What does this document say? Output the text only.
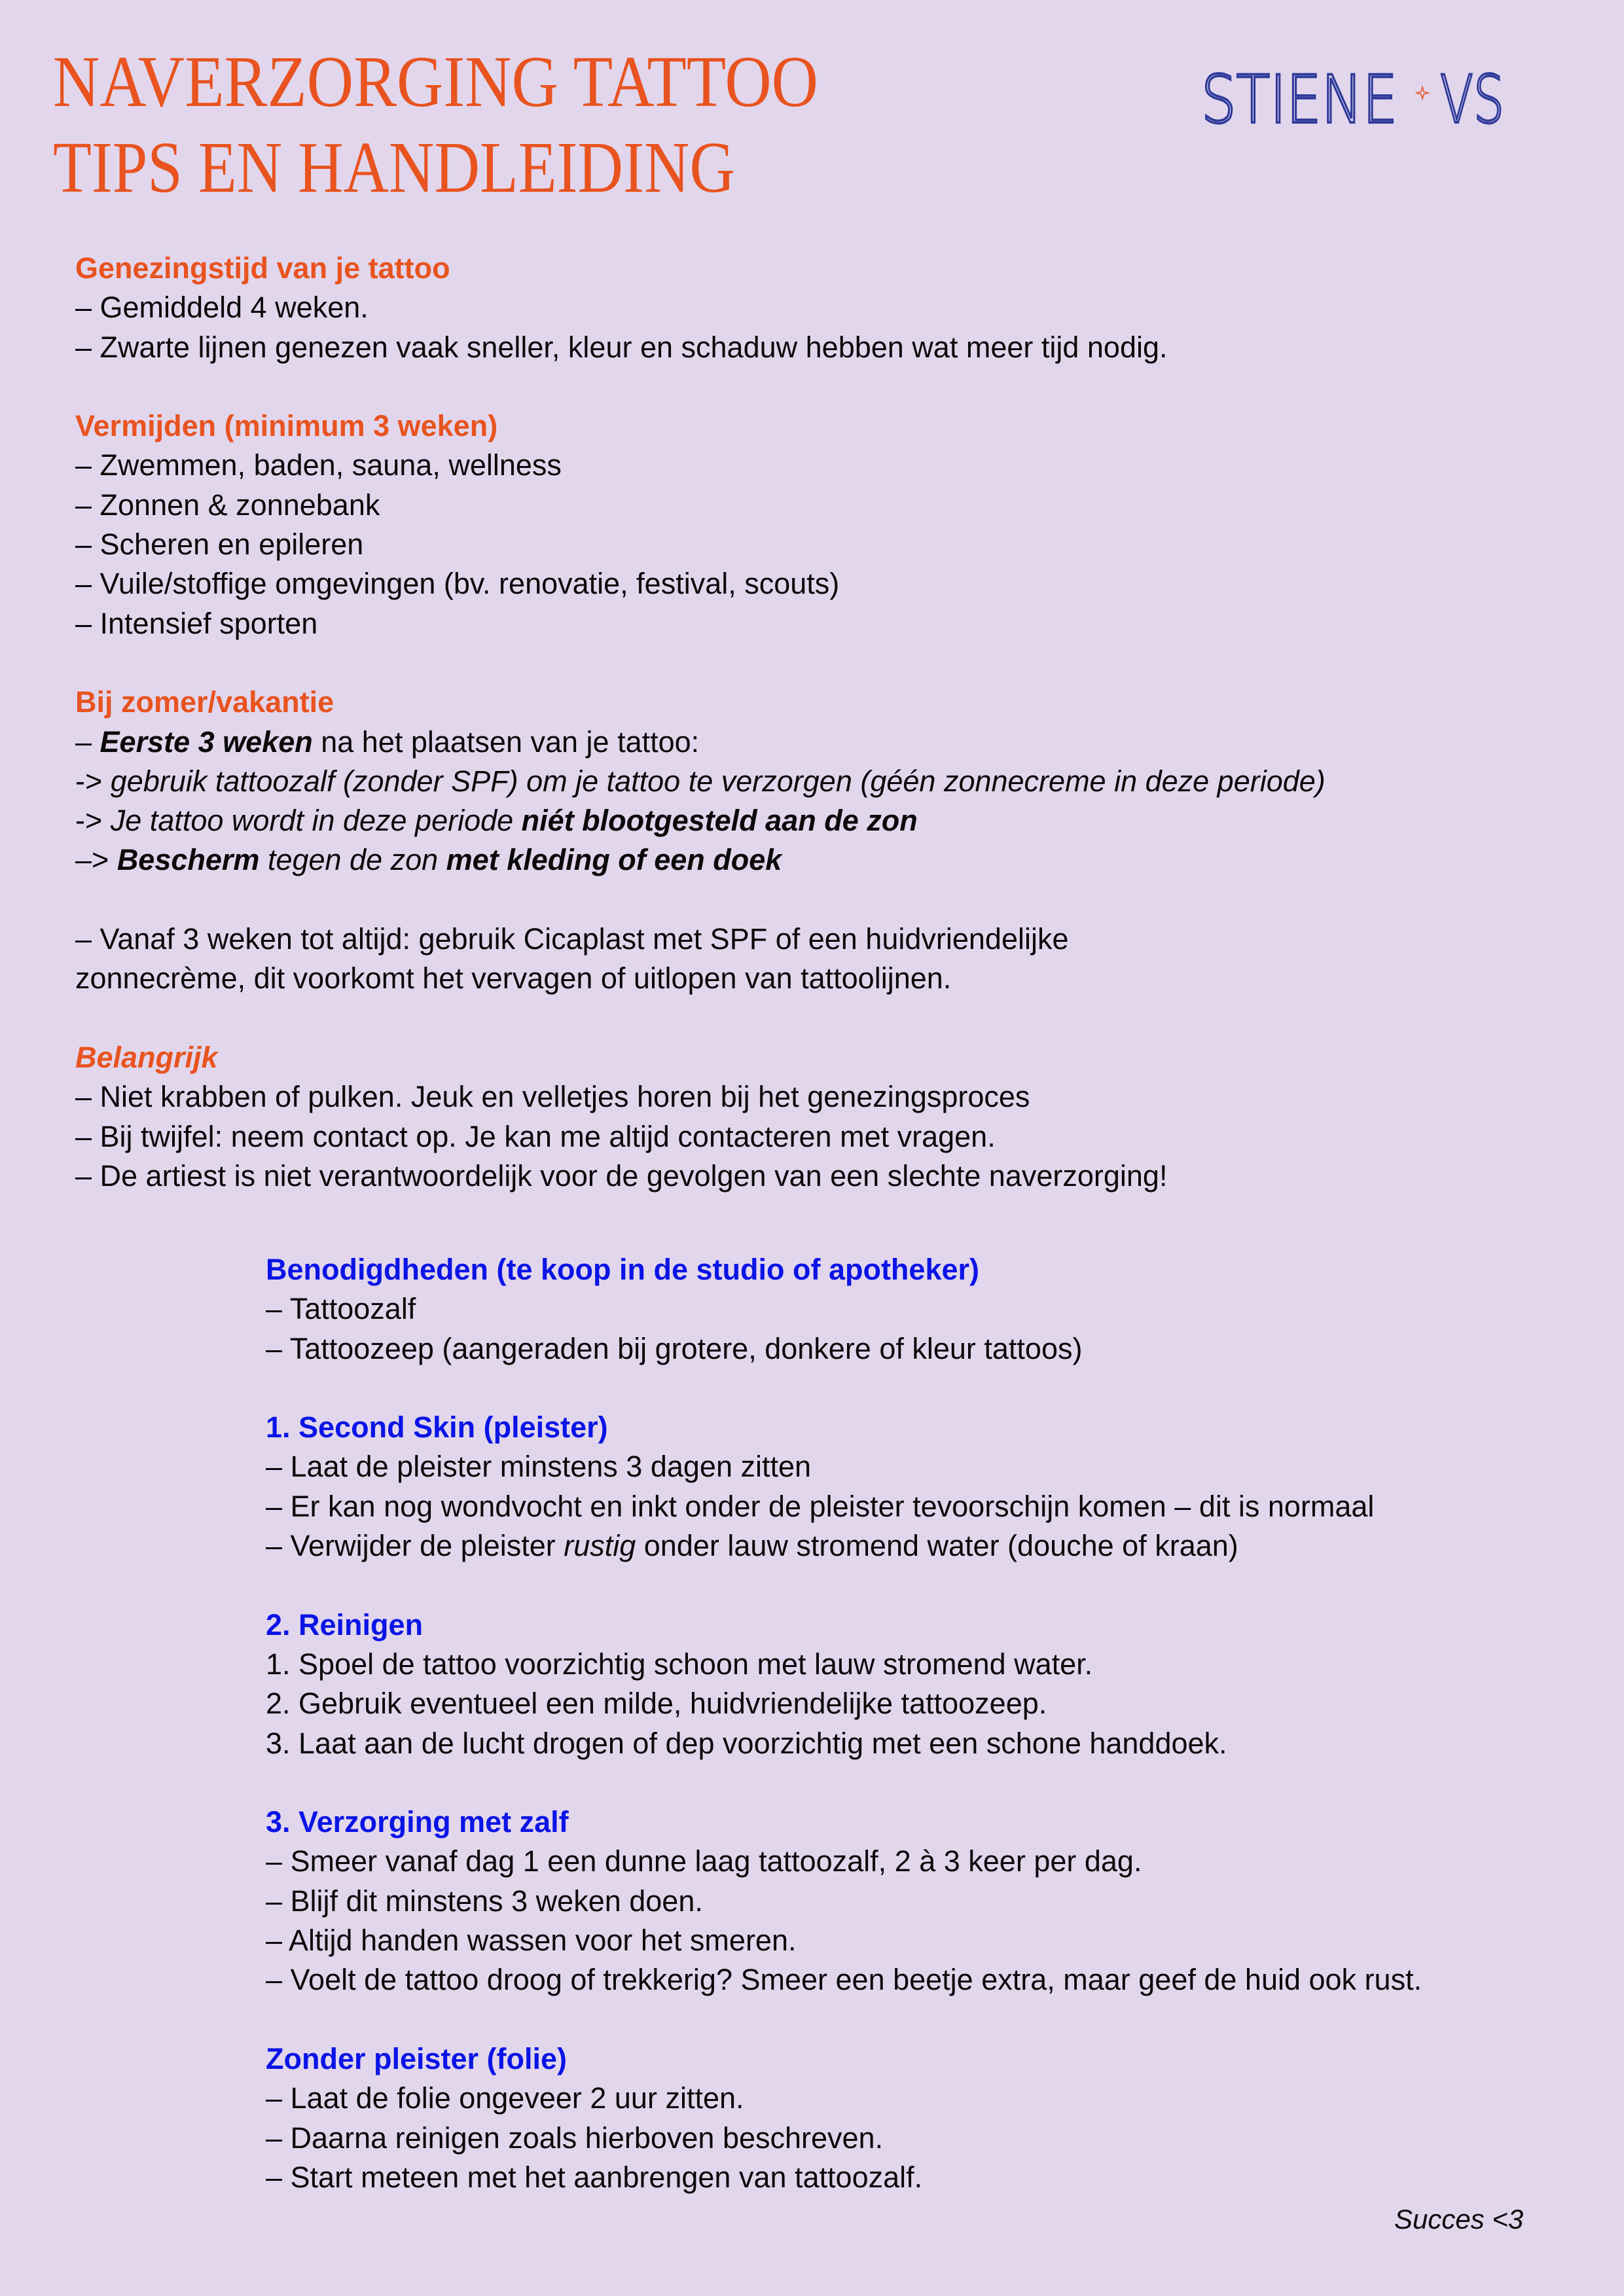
NAVERZORGING TATTOO
TIPS EN HANDLEIDING
STIENE VS
Genezingstijd van je tattoo
– Gemiddeld 4 weken.
– Zwarte lijnen genezen vaak sneller, kleur en schaduw hebben wat meer tijd nodig.
Vermijden (minimum 3 weken)
– Zwemmen, baden, sauna, wellness
– Zonnen & zonnebank
– Scheren en epileren
– Vuile/stoffige omgevingen (bv. renovatie, festival, scouts)
– Intensief sporten
Bij zomer/vakantie
– Eerste 3 weken na het plaatsen van je tattoo:
-> gebruik tattoozalf (zonder SPF) om je tattoo te verzorgen (géén zonnecreme in deze periode)
-> Je tattoo wordt in deze periode niét blootgesteld aan de zon
–> Bescherm tegen de zon met kleding of een doek
– Vanaf 3 weken tot altijd: gebruik Cicaplast met SPF of een huidvriendelijke
zonnecrème, dit voorkomt het vervagen of uitlopen van tattoolijnen.
Belangrijk
– Niet krabben of pulken. Jeuk en velletjes horen bij het genezingsproces
– Bij twijfel: neem contact op. Je kan me altijd contacteren met vragen.
– De artiest is niet verantwoordelijk voor de gevolgen van een slechte naverzorging!
Benodigdheden (te koop in de studio of apotheker)
– Tattoozalf
– Tattoozeep (aangeraden bij grotere, donkere of kleur tattoos)
1. Second Skin (pleister)
– Laat de pleister minstens 3 dagen zitten
– Er kan nog wondvocht en inkt onder de pleister tevoorschijn komen – dit is normaal
– Verwijder de pleister rustig onder lauw stromend water (douche of kraan)
2. Reinigen
1. Spoel de tattoo voorzichtig schoon met lauw stromend water.
2. Gebruik eventueel een milde, huidvriendelijke tattoozeep.
3. Laat aan de lucht drogen of dep voorzichtig met een schone handdoek.
3. Verzorging met zalf
– Smeer vanaf dag 1 een dunne laag tattoozalf, 2 à 3 keer per dag.
– Blijf dit minstens 3 weken doen.
– Altijd handen wassen voor het smeren.
– Voelt de tattoo droog of trekkerig? Smeer een beetje extra, maar geef de huid ook rust.
Zonder pleister (folie)
– Laat de folie ongeveer 2 uur zitten.
– Daarna reinigen zoals hierboven beschreven.
– Start meteen met het aanbrengen van tattoozalf.
Succes <3
